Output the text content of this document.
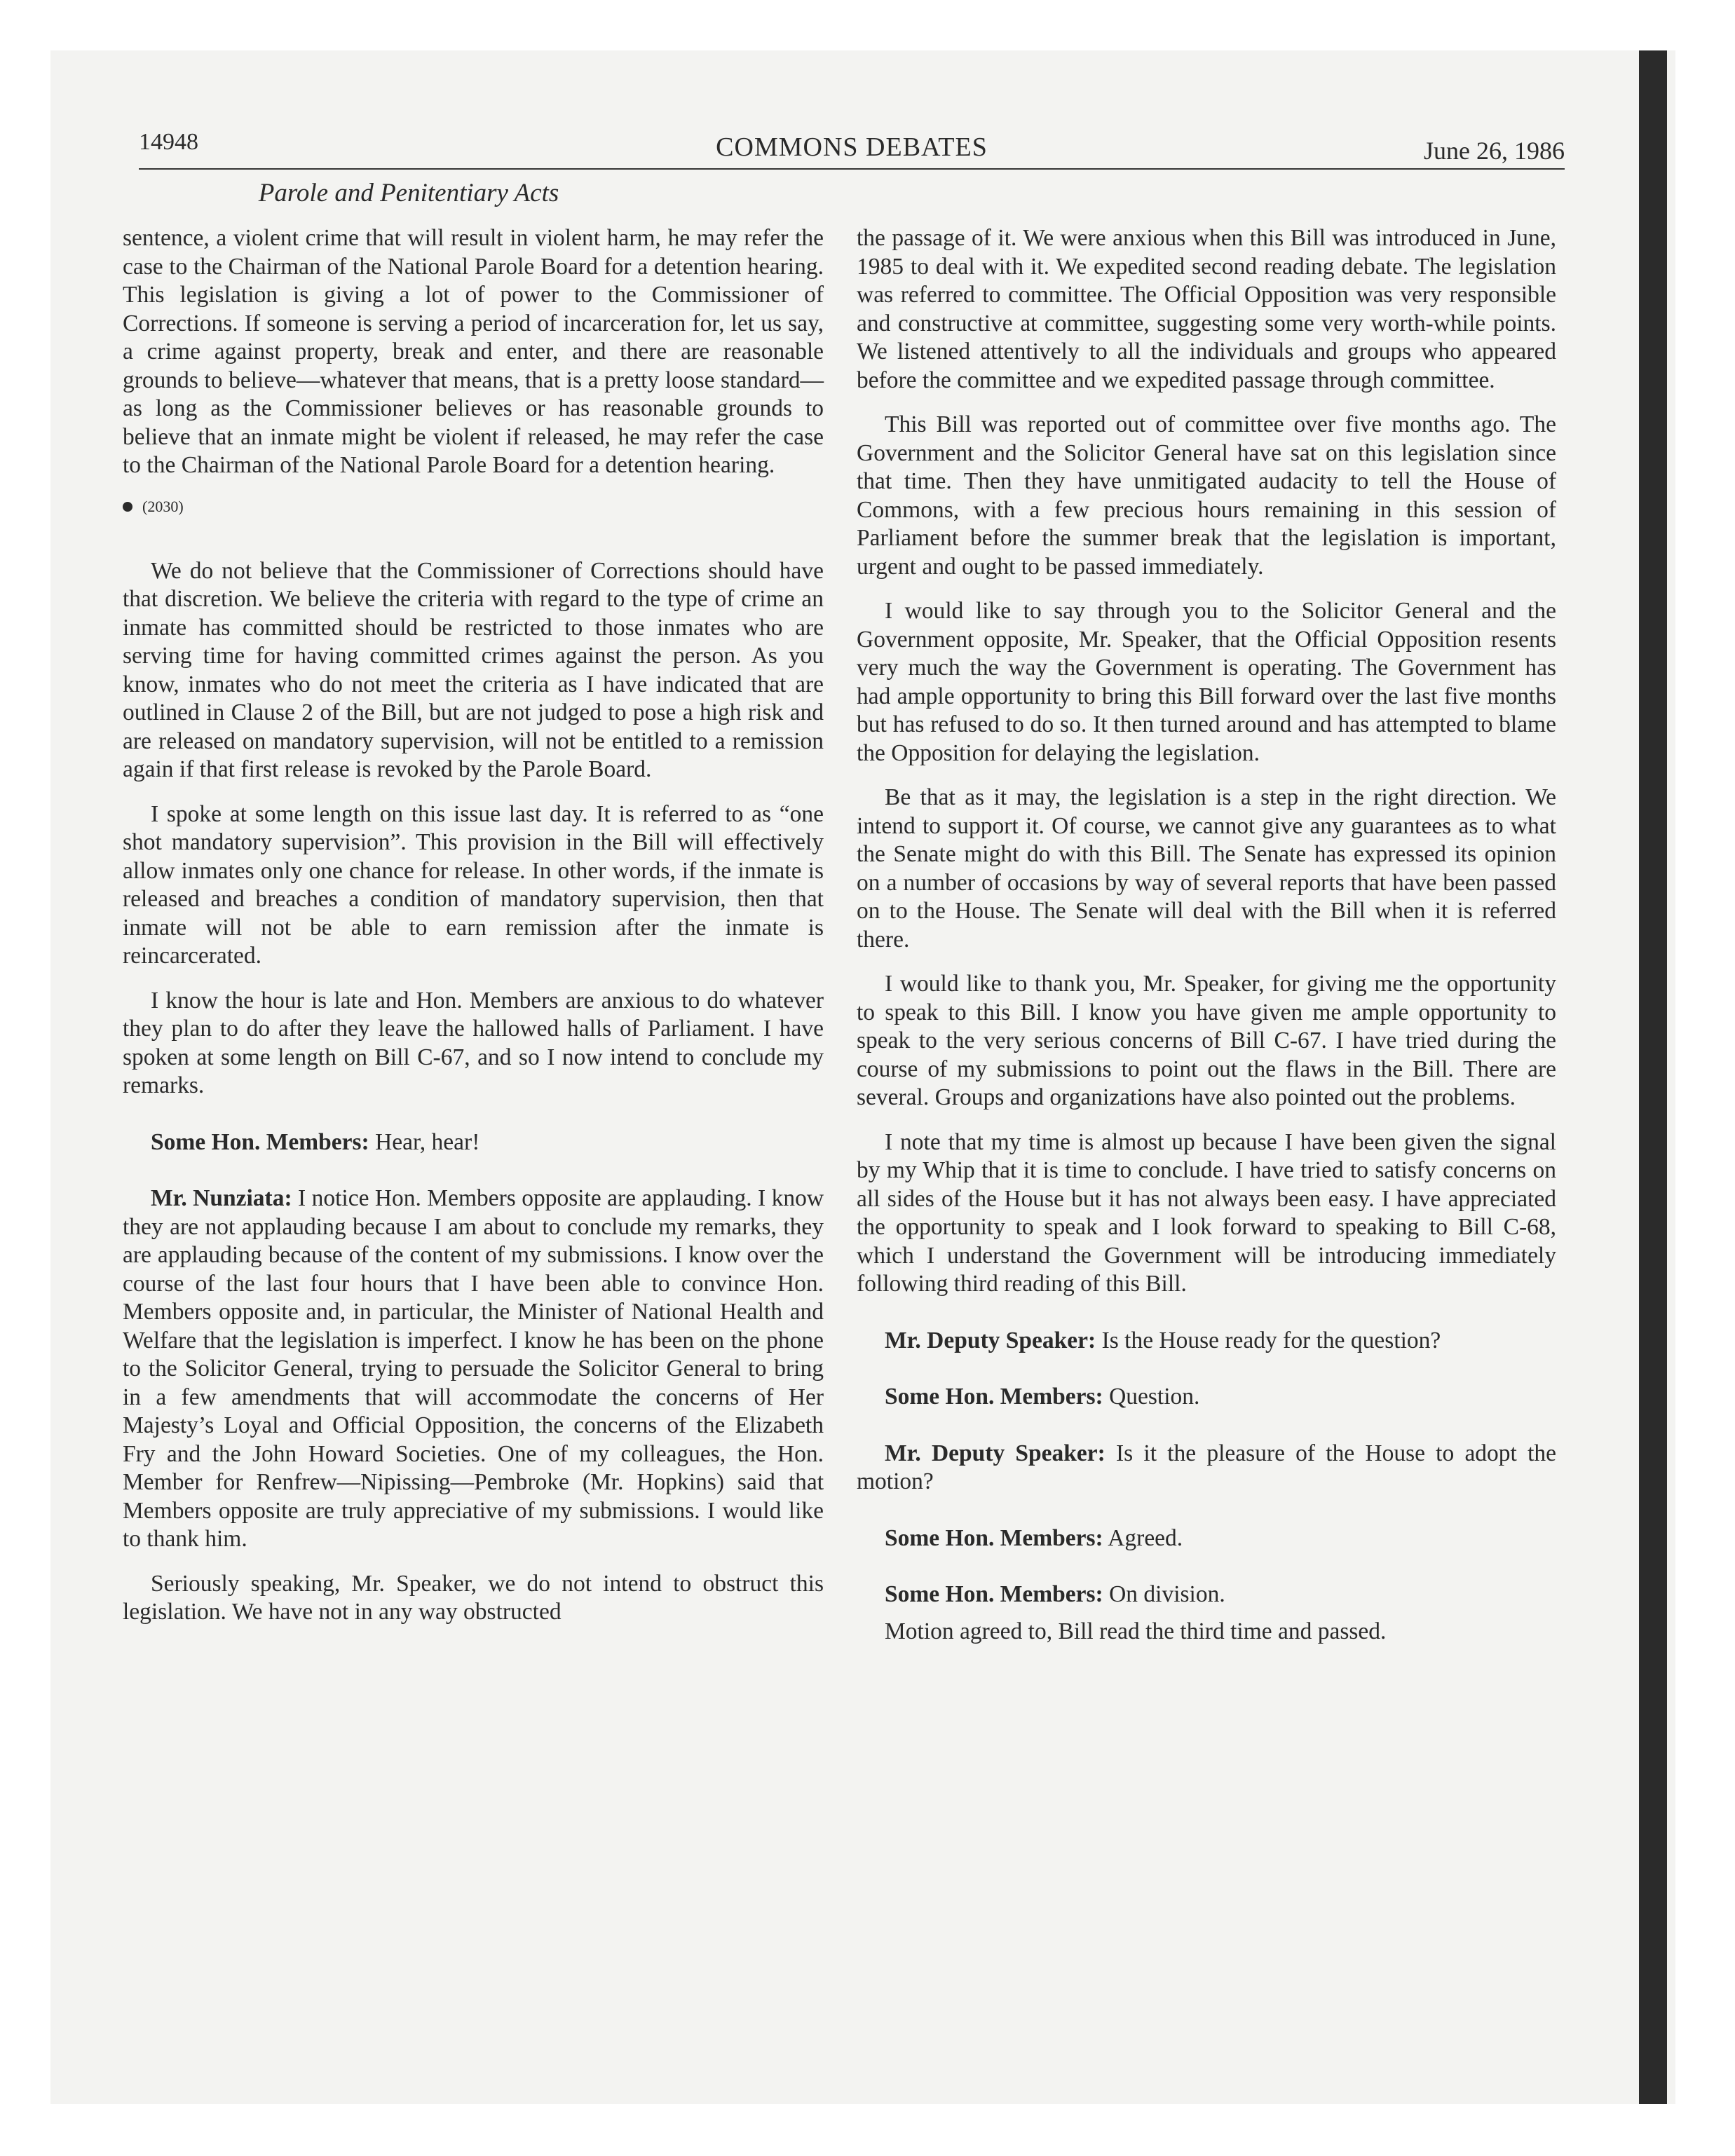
14948	COMMONS DEBATES	June 26, 1986
Parole and Penitentiary Acts

sentence, a violent crime that will result in violent harm, he may refer the case to the Chairman of the National Parole Board for a detention hearing. This legislation is giving a lot of power to the Commissioner of Corrections. If someone is serving a period of incarceration for, let us say, a crime against property, break and enter, and there are reasonable grounds to believe—whatever that means, that is a pretty loose standard—as long as the Commissioner believes or has reasonable grounds to believe that an inmate might be violent if released, he may refer the case to the Chairman of the National Parole Board for a detention hearing.

(2030)

We do not believe that the Commissioner of Corrections should have that discretion. We believe the criteria with regard to the type of crime an inmate has committed should be restricted to those inmates who are serving time for having committed crimes against the person. As you know, inmates who do not meet the criteria as I have indicated that are outlined in Clause 2 of the Bill, but are not judged to pose a high risk and are released on mandatory supervision, will not be entitled to a remission again if that first release is revoked by the Parole Board.

I spoke at some length on this issue last day. It is referred to as “one shot mandatory supervision”. This provision in the Bill will effectively allow inmates only one chance for release. In other words, if the inmate is released and breaches a condition of mandatory supervision, then that inmate will not be able to earn remission after the inmate is reincarcerated.

I know the hour is late and Hon. Members are anxious to do whatever they plan to do after they leave the hallowed halls of Parliament. I have spoken at some length on Bill C-67, and so I now intend to conclude my remarks.

Some Hon. Members: Hear, hear!

Mr. Nunziata: I notice Hon. Members opposite are applauding. I know they are not applauding because I am about to conclude my remarks, they are applauding because of the content of my submissions. I know over the course of the last four hours that I have been able to convince Hon. Members opposite and, in particular, the Minister of National Health and Welfare that the legislation is imperfect. I know he has been on the phone to the Solicitor General, trying to persuade the Solicitor General to bring in a few amendments that will accommodate the concerns of Her Majesty’s Loyal and Official Opposition, the concerns of the Elizabeth Fry and the John Howard Societies. One of my colleagues, the Hon. Member for Renfrew—Nipissing—Pembroke (Mr. Hopkins) said that Members opposite are truly appreciative of my submissions. I would like to thank him.

Seriously speaking, Mr. Speaker, we do not intend to obstruct this legislation. We have not in any way obstructed

the passage of it. We were anxious when this Bill was introduced in June, 1985 to deal with it. We expedited second reading debate. The legislation was referred to committee. The Official Opposition was very responsible and constructive at committee, suggesting some very worth-while points. We listened attentively to all the individuals and groups who appeared before the committee and we expedited passage through committee.

This Bill was reported out of committee over five months ago. The Government and the Solicitor General have sat on this legislation since that time. Then they have unmitigated audacity to tell the House of Commons, with a few precious hours remaining in this session of Parliament before the summer break that the legislation is important, urgent and ought to be passed immediately.

I would like to say through you to the Solicitor General and the Government opposite, Mr. Speaker, that the Official Opposition resents very much the way the Government is operating. The Government has had ample opportunity to bring this Bill forward over the last five months but has refused to do so. It then turned around and has attempted to blame the Opposition for delaying the legislation.

Be that as it may, the legislation is a step in the right direction. We intend to support it. Of course, we cannot give any guarantees as to what the Senate might do with this Bill. The Senate has expressed its opinion on a number of occasions by way of several reports that have been passed on to the House. The Senate will deal with the Bill when it is referred there.

I would like to thank you, Mr. Speaker, for giving me the opportunity to speak to this Bill. I know you have given me ample opportunity to speak to the very serious concerns of Bill C-67. I have tried during the course of my submissions to point out the flaws in the Bill. There are several. Groups and organizations have also pointed out the problems.

I note that my time is almost up because I have been given the signal by my Whip that it is time to conclude. I have tried to satisfy concerns on all sides of the House but it has not always been easy. I have appreciated the opportunity to speak and I look forward to speaking to Bill C-68, which I understand the Government will be introducing immediately following third reading of this Bill.

Mr. Deputy Speaker: Is the House ready for the question?

Some Hon. Members: Question.

Mr. Deputy Speaker: Is it the pleasure of the House to adopt the motion?

Some Hon. Members: Agreed.

Some Hon. Members: On division.

Motion agreed to, Bill read the third time and passed.
